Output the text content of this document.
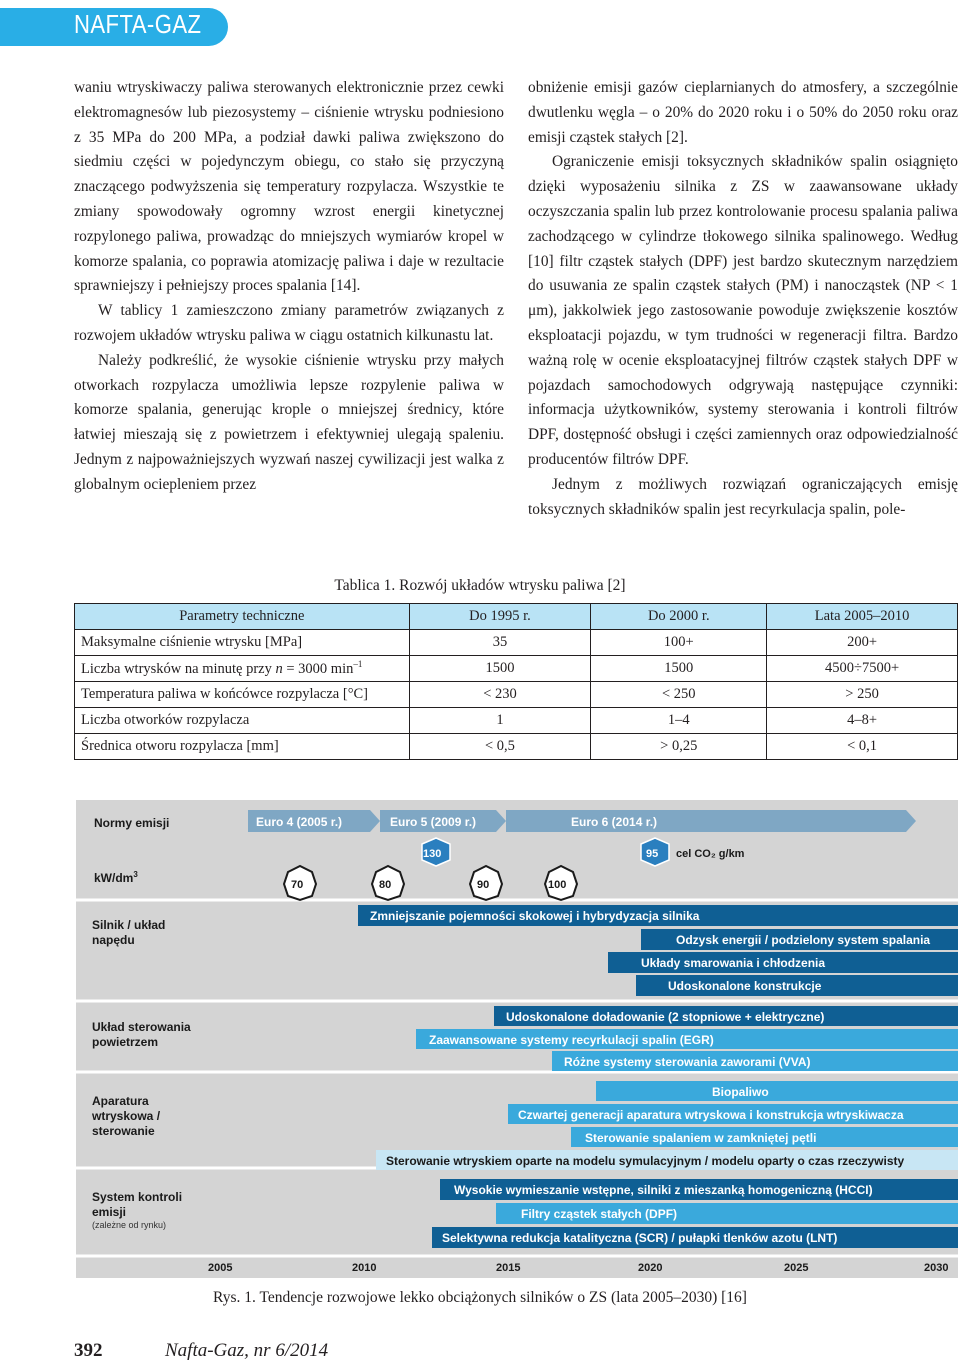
NAFTA-GAZ

waniu wtryskiwaczy paliwa sterowanych elektronicznie przez cewki elektromagnesów lub piezosystemy – ciśnienie wtrysku podniesiono z 35 MPa do 200 MPa, a podział dawki paliwa zwiększono do siedmiu części w pojedynczym obiegu, co stało się przyczyną znaczącego podwyższenia się temperatury rozpylacza. Wszystkie te zmiany spowodowały ogromny wzrost energii kinetycznej rozpylonego paliwa, prowadząc do mniejszych wymiarów kropel w komorze spalania, co poprawia atomizację paliwa i daje w rezultacie sprawniejszy i pełniejszy proces spalania [14].

W tablicy 1 zamieszczono zmiany parametrów związanych z rozwojem układów wtrysku paliwa w ciągu ostatnich kilkunastu lat.

Należy podkreślić, że wysokie ciśnienie wtrysku przy małych otworkach rozpylacza umożliwia lepsze rozpylenie paliwa w komorze spalania, generując krople o mniejszej średnicy, które łatwiej mieszają się z powietrzem i efektywniej ulegają spaleniu. Jednym z najpoważniejszych wyzwań naszej cywilizacji jest walka z globalnym ociepleniem przez

obniżenie emisji gazów cieplarnianych do atmosfery, a szczególnie dwutlenku węgla – o 20% do 2020 roku i o 50% do 2050 roku oraz emisji cząstek stałych [2].

Ograniczenie emisji toksycznych składników spalin osiągnięto dzięki wyposażeniu silnika z ZS w zaawansowane układy oczyszczania spalin lub przez kontrolowanie procesu spalania paliwa zachodzącego w cylindrze tłokowego silnika spalinowego. Według [10] filtr cząstek stałych (DPF) jest bardzo skutecznym narzędziem do usuwania ze spalin cząstek stałych (PM) i nanocząstek (NP < 1 μm), jakkolwiek jego zastosowanie powoduje zwiększenie kosztów eksploatacji pojazdu, w tym trudności w regeneracji filtra. Bardzo ważną rolę w ocenie eksploatacyjnej filtrów cząstek stałych DPF w pojazdach samochodowych odgrywają następujące czynniki: informacja użytkowników, systemy sterowania i kontroli filtrów DPF, dostępność obsługi i części zamiennych oraz odpowiedzialność producentów filtrów DPF.

Jednym z możliwych rozwiązań ograniczających emisję toksycznych składników spalin jest recyrkulacja spalin, pole-

Tablica 1. Rozwój układów wtrysku paliwa [2]
Parametry techniczne	Do 1995 r.	Do 2000 r.	Lata 2005–2010
Maksymalne ciśnienie wtrysku [MPa]	35	100+	200+
Liczba wtrysków na minutę przy n = 3000 $\min^{-1}$	1500	1500	4500÷7500+
Temperatura paliwa w końcówce rozpylacza [°C]	< 230	< 250	> 250
Liczba otworków rozpylacza	1	1–4	4–8+
Średnica otworu rozpylacza [mm]	< 0,5	> 0,25	< 0,1
Normy emisji
$kW/dm^3$
Silnik / układ napędu
Układ sterowania powietrzem
Aparatura wtryskowa / sterowanie
System kontroli emisji
(zależne od rynku)
Euro 4 (2005 r.)	Euro 5 (2009 r.)	Euro 6 (2014 r.)
130	95 cel CO₂ g/km
70	80	90	100
Zmniejszanie pojemności skokowej i hybrydyzacja silnika
Odzysk energii / podzielony system spalania
Układy smarowania i chłodzenia
Udoskonalone konstrukcje
Udoskonalone doładowanie (2 stopniowe + elektryczne)
Zaawansowane systemy recyrkulacji spalin (EGR)
Różne systemy sterowania zaworami (VVA)
Biopaliwo
Czwartej generacji aparatura wtryskowa i konstrukcja wtryskiwacza
Sterowanie spalaniem w zamkniętej pętli
Sterowanie wtryskiem oparte na modelu symulacyjnym / modelu oparty o czas rzeczywisty
Wysokie wymieszanie wstępne, silniki z mieszanką homogeniczną (HCCI)
Filtry cząstek stałych (DPF)
Selektywna redukcja katalityczna (SCR) / pułapki tlenków azotu (LNT)
2005	2010	2015	2020	2025	2030
Rys. 1. Tendencje rozwojowe lekko obciążonych silników o ZS (lata 2005–2030) [16]
392	Nafta-Gaz, nr 6/2014
